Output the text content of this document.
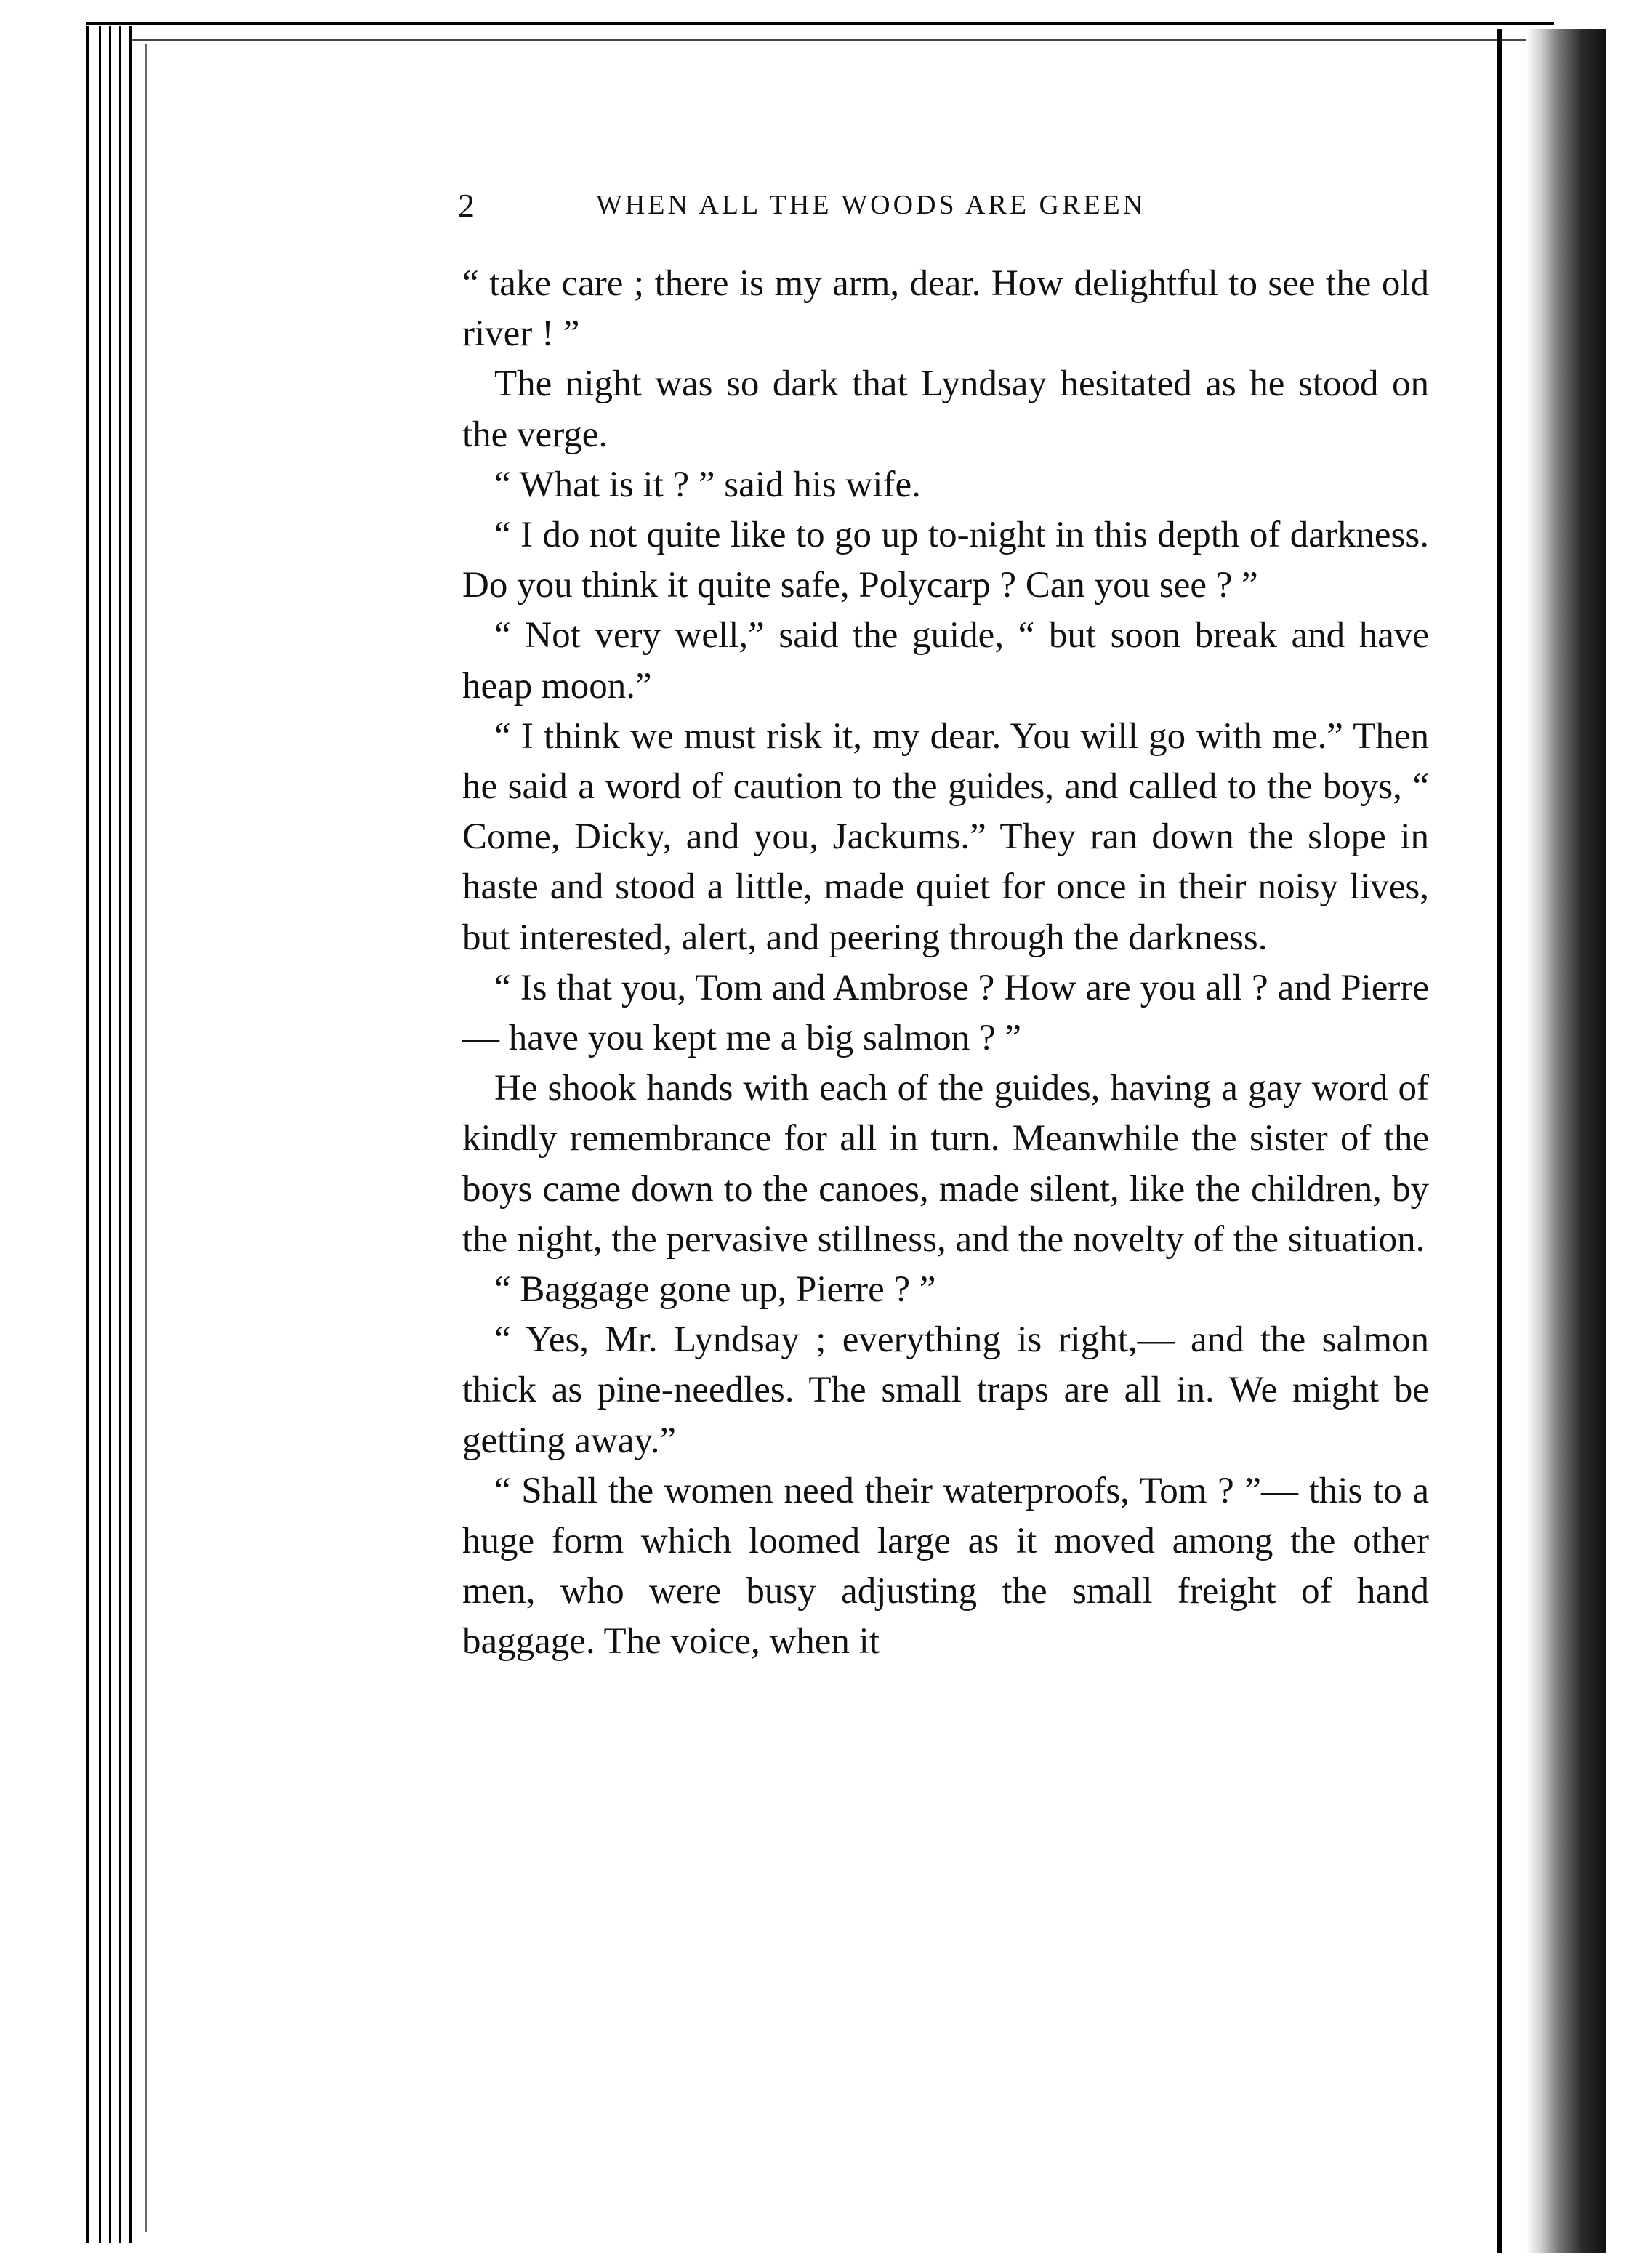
2	WHEN ALL THE WOODS ARE GREEN

“ take care ; there is my arm, dear. How delightful to see the old river ! ”

The night was so dark that Lyndsay hesitated as he stood on the verge.

“ What is it ? ” said his wife.

“ I do not quite like to go up to-night in this depth of darkness. Do you think it quite safe, Polycarp ? Can you see ? ”

“ Not very well,” said the guide, “ but soon break and have heap moon.”

“ I think we must risk it, my dear. You will go with me.” Then he said a word of caution to the guides, and called to the boys, “ Come, Dicky, and you, Jackums.” They ran down the slope in haste and stood a little, made quiet for once in their noisy lives, but interested, alert, and peering through the darkness.

“ Is that you, Tom and Ambrose ? How are you all ? and Pierre — have you kept me a big salmon ? ”

He shook hands with each of the guides, having a gay word of kindly remembrance for all in turn. Meanwhile the sister of the boys came down to the canoes, made silent, like the children, by the night, the pervasive stillness, and the novelty of the situation.

“ Baggage gone up, Pierre ? ”

“ Yes, Mr. Lyndsay ; everything is right,— and the salmon thick as pine-needles. The small traps are all in. We might be getting away.”

“ Shall the women need their waterproofs, Tom ? ”— this to a huge form which loomed large as it moved among the other men, who were busy adjusting the small freight of hand baggage. The voice, when it
